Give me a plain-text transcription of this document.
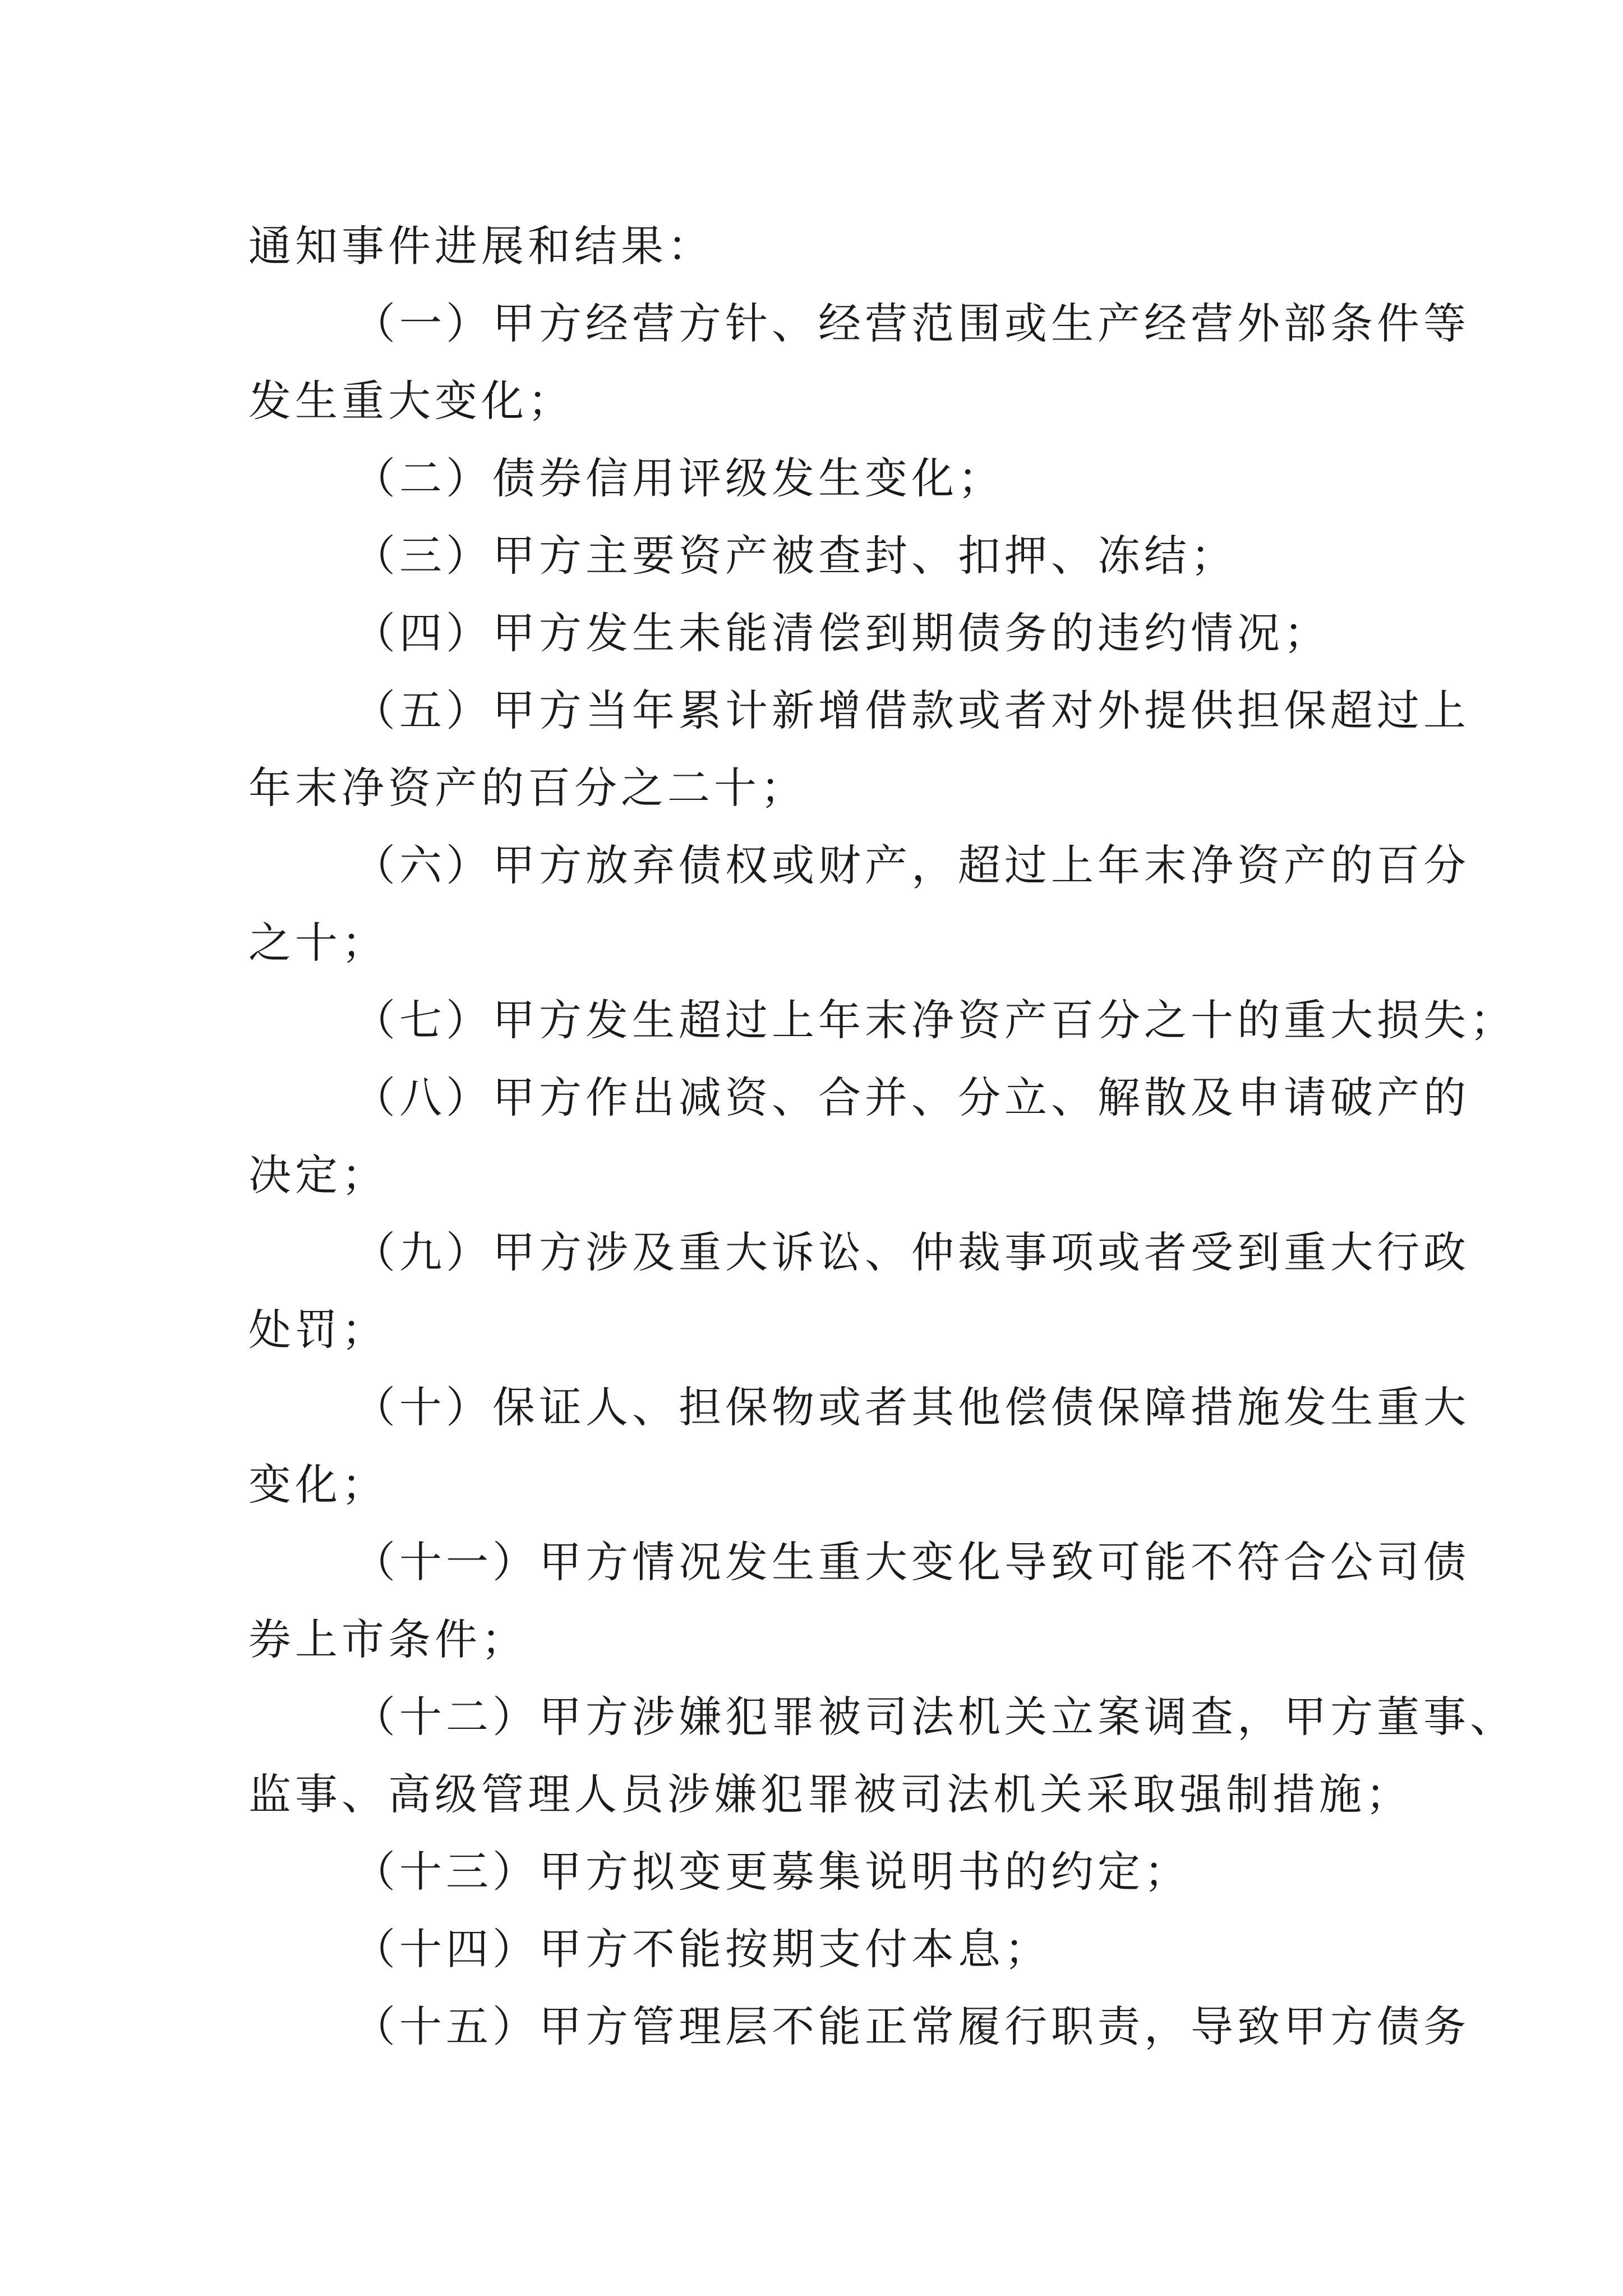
通知事件进展和结果：
（一）甲方经营方针、经营范围或生产经营外部条件等
发生重大变化；
（二）债券信用评级发生变化；
（三）甲方主要资产被查封、扣押、冻结；
（四）甲方发生未能清偿到期债务的违约情况；
（五）甲方当年累计新增借款或者对外提供担保超过上
年末净资产的百分之二十；
（六）甲方放弃债权或财产，超过上年末净资产的百分
之十；
（七）甲方发生超过上年末净资产百分之十的重大损失；
（八）甲方作出减资、合并、分立、解散及申请破产的
决定；
（九）甲方涉及重大诉讼、仲裁事项或者受到重大行政
处罚；
（十）保证人、担保物或者其他偿债保障措施发生重大
变化；
（十一）甲方情况发生重大变化导致可能不符合公司债
券上市条件；
（十二）甲方涉嫌犯罪被司法机关立案调查，甲方董事、
监事、高级管理人员涉嫌犯罪被司法机关采取强制措施；
（十三）甲方拟变更募集说明书的约定；
（十四）甲方不能按期支付本息；
（十五）甲方管理层不能正常履行职责，导致甲方债务
